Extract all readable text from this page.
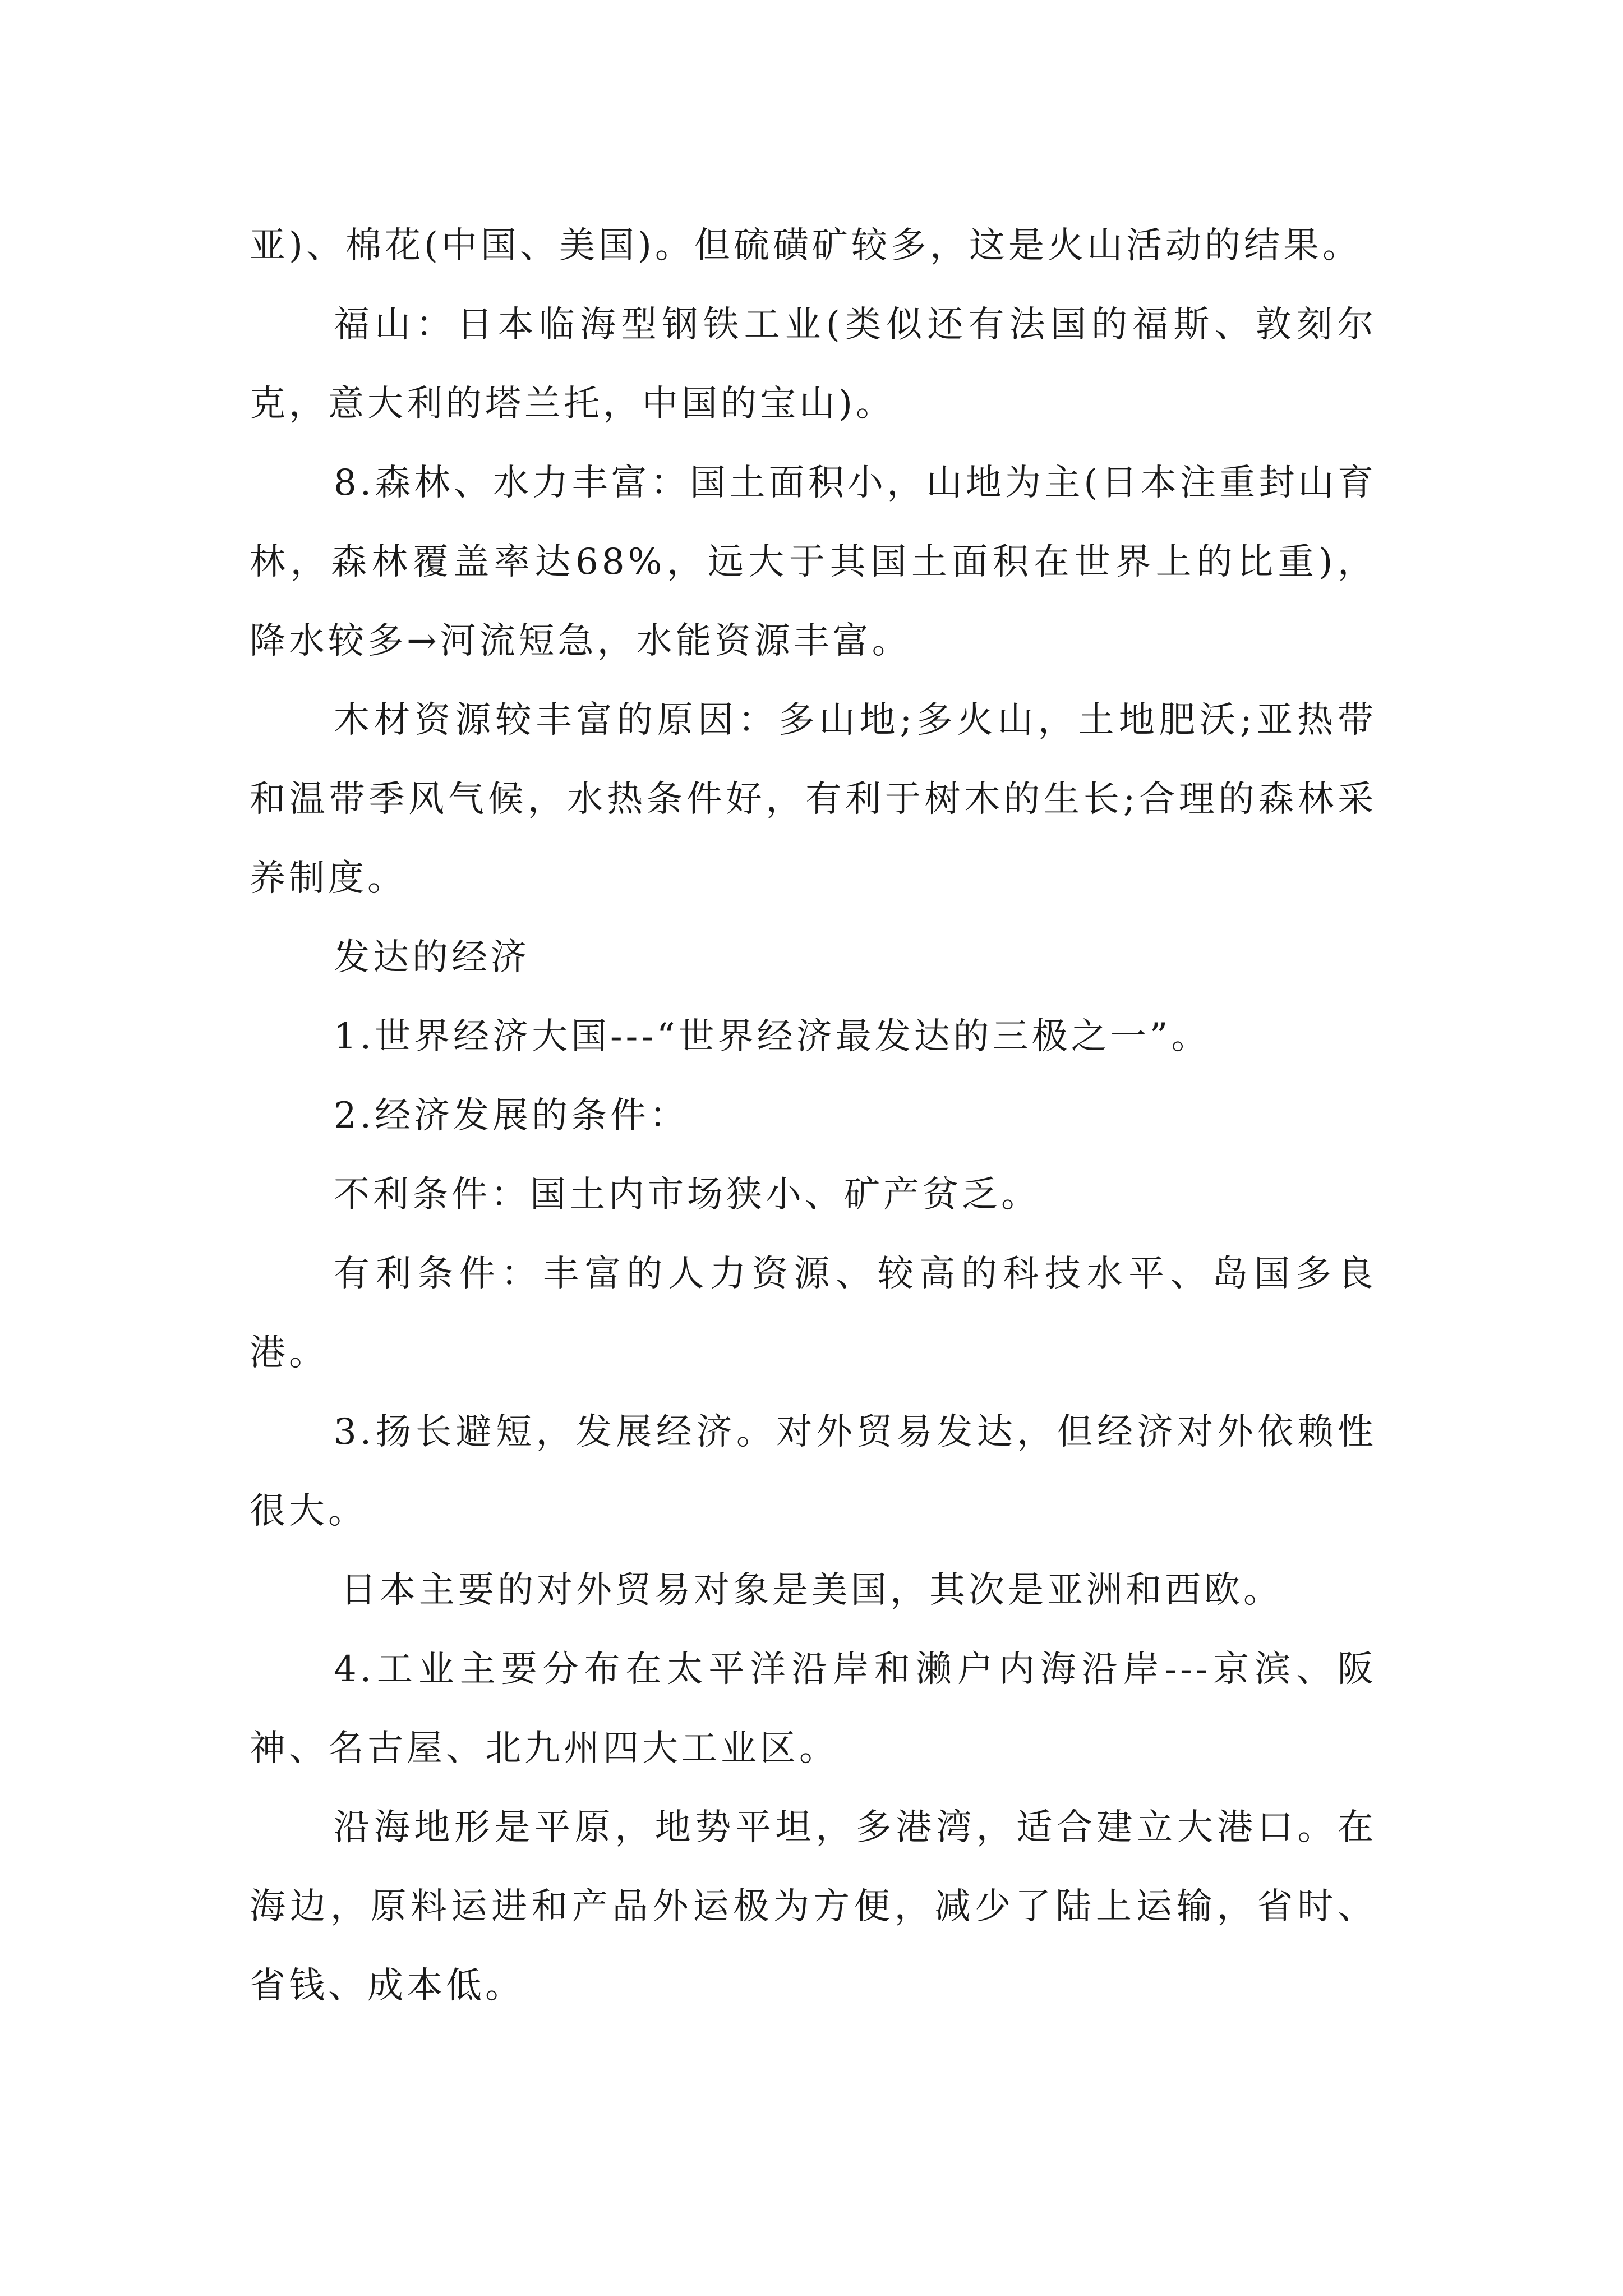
亚)、棉花(中国、美国)。但硫磺矿较多，这是火山活动的结果。

福山：日本临海型钢铁工业(类似还有法国的福斯、敦刻尔克，意大利的塔兰托，中国的宝山)。

8.森林、水力丰富：国土面积小，山地为主(日本注重封山育林，森林覆盖率达68%，远大于其国土面积在世界上的比重)，降水较多→河流短急，水能资源丰富。

木材资源较丰富的原因：多山地;多火山，土地肥沃;亚热带和温带季风气候，水热条件好，有利于树木的生长;合理的森林采养制度。

发达的经济

1.世界经济大国---“世界经济最发达的三极之一”。

2.经济发展的条件：

不利条件：国土内市场狭小、矿产贫乏。

有利条件：丰富的人力资源、较高的科技水平、岛国多良港。

3.扬长避短，发展经济。对外贸易发达，但经济对外依赖性很大。

日本主要的对外贸易对象是美国，其次是亚洲和西欧。

4.工业主要分布在太平洋沿岸和濑户内海沿岸---京滨、阪神、名古屋、北九州四大工业区。

沿海地形是平原，地势平坦，多港湾，适合建立大港口。在海边，原料运进和产品外运极为方便，减少了陆上运输，省时、省钱、成本低。
